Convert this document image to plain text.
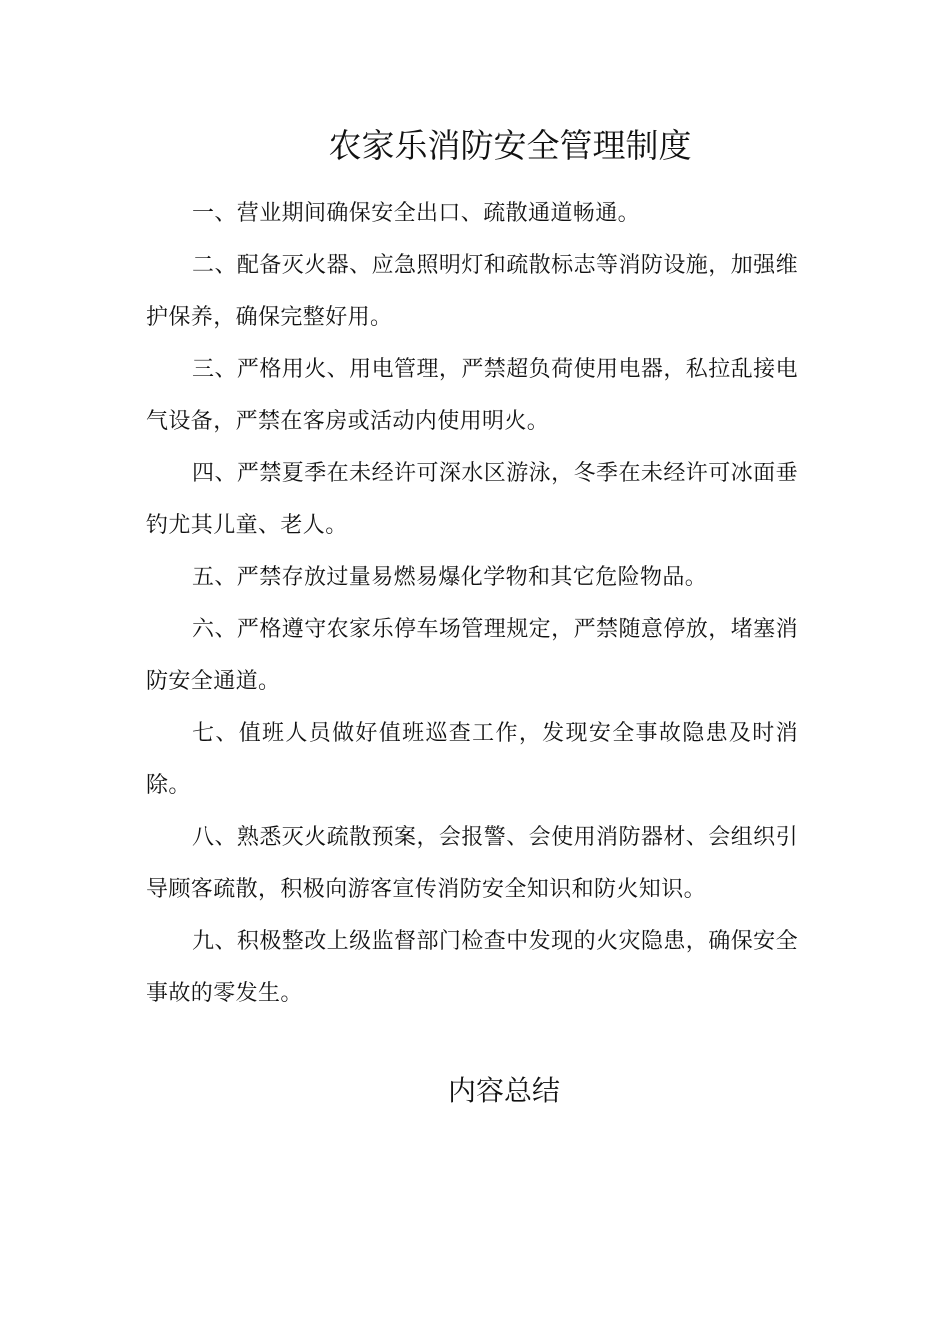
农家乐消防安全管理制度

一、营业期间确保安全出口、疏散通道畅通。

二、配备灭火器、应急照明灯和疏散标志等消防设施，加强维护保养，确保完整好用。

三、严格用火、用电管理，严禁超负荷使用电器，私拉乱接电气设备，严禁在客房或活动内使用明火。

四、严禁夏季在未经许可深水区游泳，冬季在未经许可冰面垂钓尤其儿童、老人。

五、严禁存放过量易燃易爆化学物和其它危险物品。

六、严格遵守农家乐停车场管理规定，严禁随意停放，堵塞消防安全通道。

七、值班人员做好值班巡查工作，发现安全事故隐患及时消除。

八、熟悉灭火疏散预案，会报警、会使用消防器材、会组织引导顾客疏散，积极向游客宣传消防安全知识和防火知识。

九、积极整改上级监督部门检查中发现的火灾隐患，确保安全事故的零发生。

内容总结
